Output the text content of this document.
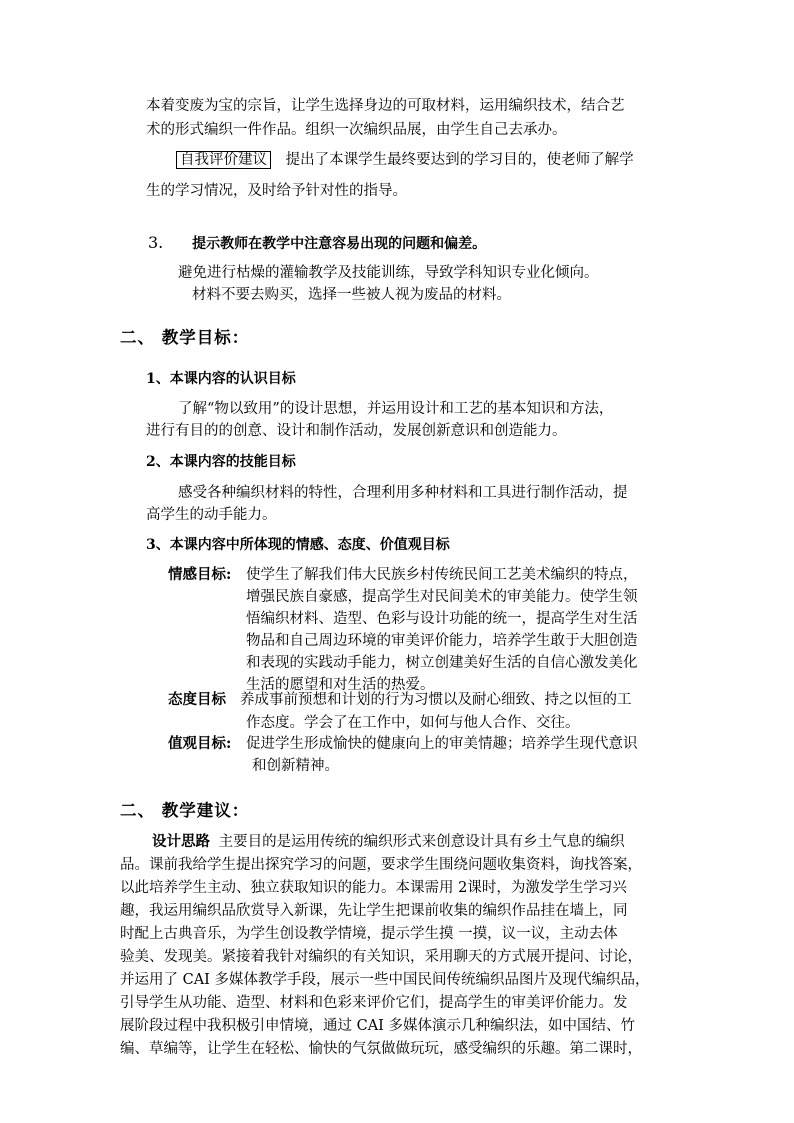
本着变废为宝的宗旨，让学生选择身边的可取材料，运用编织技术，结合艺
术的形式编织一件作品。组织一次编织品展，由学生自己去承办。
自我评价建议 提出了本课学生最终要达到的学习目的，使老师了解学
生的学习情况，及时给予针对性的指导。
3. 提示教师在教学中注意容易出现的问题和偏差。
避免进行枯燥的灌输教学及技能训练，导致学科知识专业化倾向。
材料不要去购买，选择一些被人视为废品的材料。
二、 教学目标：
1、本课内容的认识目标
了解“物以致用”的设计思想，并运用设计和工艺的基本知识和方法，
进行有目的的创意、设计和制作活动，发展创新意识和创造能力。
2、本课内容的技能目标
感受各种编织材料的特性，合理利用多种材料和工具进行制作活动，提
高学生的动手能力。
3、本课内容中所体现的情感、态度、价值观目标
情感目标: 使学生了解我们伟大民族乡村传统民间工艺美术编织的特点，
增强民族自豪感，提高学生对民间美术的审美能力。使学生领
悟编织材料、造型、色彩与设计功能的统一，提高学生对生活
物品和自己周边环境的审美评价能力，培养学生敢于大胆创造
和表现的实践动手能力，树立创建美好生活的自信心激发美化
生活的愿望和对生活的热爱。
态度目标 养成事前预想和计划的行为习惯以及耐心细致、持之以恒的工
作态度。学会了在工作中，如何与他人合作、交往。
值观目标: 促进学生形成愉快的健康向上的审美情趣；培养学生现代意识
和创新精神。
二、 教学建议：
设计思路 主要目的是运用传统的编织形式来创意设计具有乡土气息的编织
品。课前我给学生提出探究学习的问题，要求学生围绕问题收集资料，询找答案，
以此培养学生主动、独立获取知识的能力。本课需用 2课时，为激发学生学习兴
趣，我运用编织品欣赏导入新课，先让学生把课前收集的编织作品挂在墙上，同
时配上古典音乐，为学生创设教学情境，提示学生摸 一摸，议一议，主动去体
验美、发现美。紧接着我针对编织的有关知识，采用聊天的方式展开提问、讨论，
并运用了 CAI 多媒体教学手段，展示一些中国民间传统编织品图片及现代编织品，
引导学生从功能、造型、材料和色彩来评价它们，提高学生的审美评价能力。发
展阶段过程中我积极引申情境，通过 CAI 多媒体演示几种编织法，如中国结、竹
编、草编等，让学生在轻松、愉快的气氛做做玩玩，感受编织的乐趣。第二课时，
